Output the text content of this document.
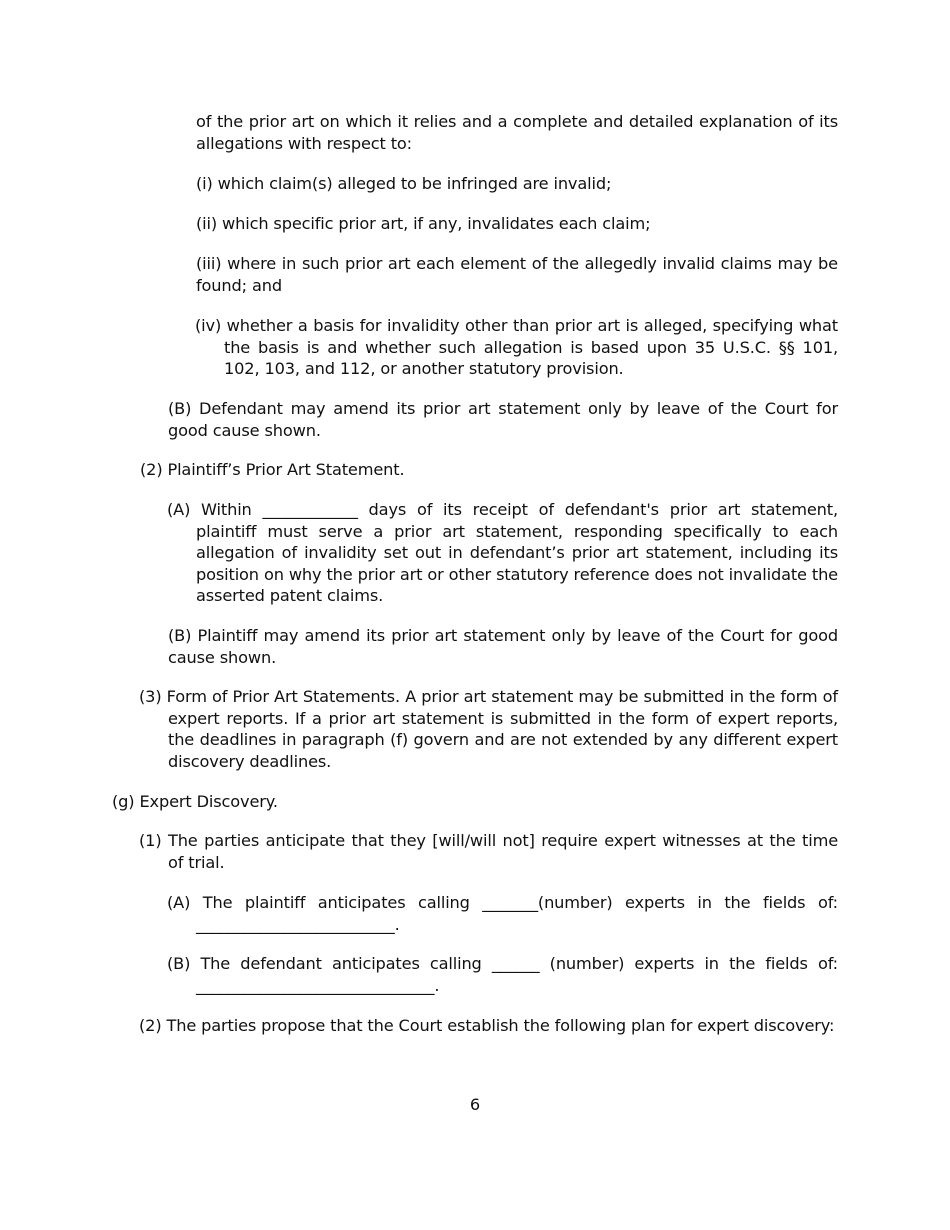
of the prior art on which it relies and a complete and detailed explanation of its allegations with respect to:

(i) which claim(s) alleged to be infringed are invalid;

(ii) which specific prior art, if any, invalidates each claim;

(iii) where in such prior art each element of the allegedly invalid claims may be found; and

(iv) whether a basis for invalidity other than prior art is alleged, specifying what the basis is and whether such allegation is based upon 35 U.S.C. §§ 101, 102, 103, and 112, or another statutory provision.

(B) Defendant may amend its prior art statement only by leave of the Court for good cause shown.

(2) Plaintiff’s Prior Art Statement.

(A) Within ____________ days of its receipt of defendant's prior art statement, plaintiff must serve a prior art statement, responding specifically to each allegation of invalidity set out in defendant’s prior art statement, including its position on why the prior art or other statutory reference does not invalidate the asserted patent claims.

(B) Plaintiff may amend its prior art statement only by leave of the Court for good cause shown.

(3) Form of Prior Art Statements. A prior art statement may be submitted in the form of expert reports. If a prior art statement is submitted in the form of expert reports, the deadlines in paragraph (f) govern and are not extended by any different expert discovery deadlines.

(g) Expert Discovery.

(1) The parties anticipate that they [will/will not] require expert witnesses at the time of trial.

(A) The plaintiff anticipates calling _______(number) experts in the fields of: _________________________.

(B) The defendant anticipates calling ______ (number) experts in the fields of: ______________________________.

(2) The parties propose that the Court establish the following plan for expert discovery:

6
